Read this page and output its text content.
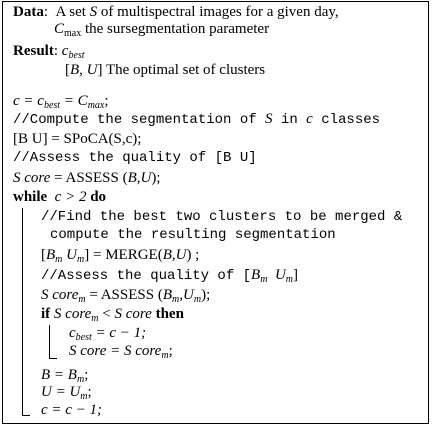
Data:  A set S of multispectral images for a given day,
$C_{max}$ the sursegmentation parameter
Result: $c_{best}$
[B, U] The optimal set of clusters
$c = c_{best} = C_{max}$;
//Compute the segmentation of S in c classes
[B U] = SPoCA(S,c);
//Assess the quality of [B U]
S core = ASSESS (B,U);
while c > 2 do
//Find the best two clusters to be merged &
compute the resulting segmentation
[$B_m$ $U_m$] = MERGE(B,U) ;
//Assess the quality of [$B_m$  $U_m$]
S core$_m$ = ASSESS $(B_m,U_m)$;
if S core$_m$ < S core then
$c_{best} = c - 1$;
S core = S core$_m$;
$B = B_m$;
$U = U_m$;
c = c − 1;
